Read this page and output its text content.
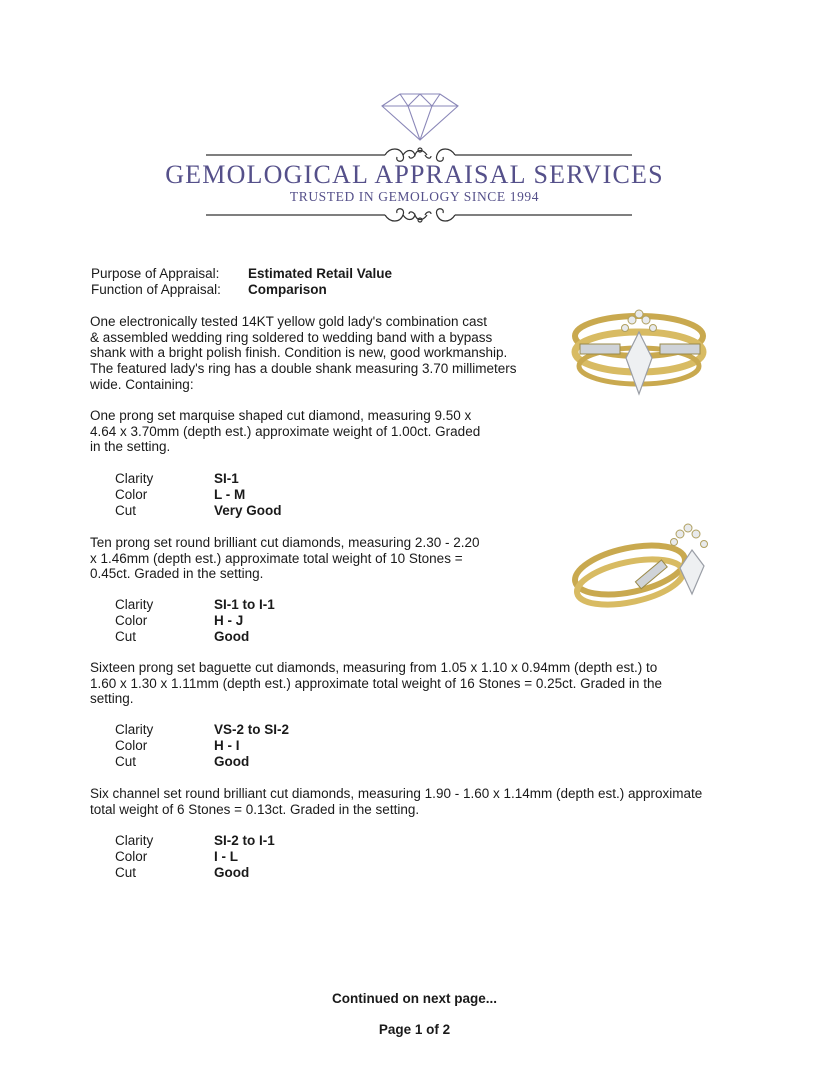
GEMOLOGICAL APPRAISAL SERVICES
TRUSTED IN GEMOLOGY SINCE 1994
Purpose of Appraisal: Estimated Retail Value
Function of Appraisal: Comparison
One electronically tested 14KT yellow gold lady's combination cast
& assembled wedding ring soldered to wedding band with a bypass
shank with a bright polish finish. Condition is new, good workmanship.
The featured lady's ring has a double shank measuring 3.70 millimeters
wide. Containing:
One prong set marquise shaped cut diamond, measuring 9.50 x
4.64 x 3.70mm (depth est.) approximate weight of 1.00ct. Graded
in the setting.
Clarity	SI-1
Color	L - M
Cut	Very Good
Ten prong set round brilliant cut diamonds, measuring 2.30 - 2.20
x 1.46mm (depth est.) approximate total weight of 10 Stones =
0.45ct. Graded in the setting.
Clarity	SI-1 to I-1
Color	H - J
Cut	Good
Sixteen prong set baguette cut diamonds, measuring from 1.05 x 1.10 x 0.94mm (depth est.) to
1.60 x 1.30 x 1.11mm (depth est.) approximate total weight of 16 Stones = 0.25ct. Graded in the
setting.
Clarity	VS-2 to SI-2
Color	H - I
Cut	Good
Six channel set round brilliant cut diamonds, measuring 1.90 - 1.60 x 1.14mm (depth est.) approximate
total weight of 6 Stones = 0.13ct. Graded in the setting.
Clarity	SI-2 to I-1
Color	I - L
Cut	Good
Continued on next page...
Page 1 of 2
